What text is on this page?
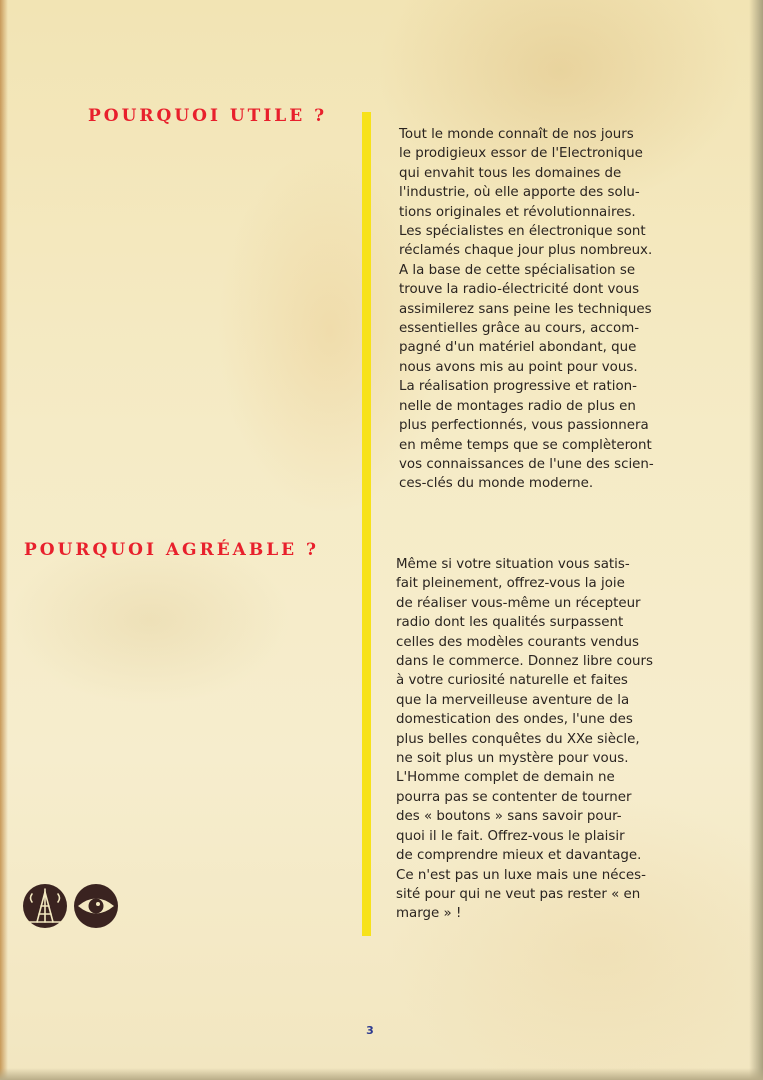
POURQUOI UTILE ?
POURQUOI AGRÉABLE ?

Tout le monde connaît de nos jours
le prodigieux essor de l'Electronique
qui envahit tous les domaines de
l'industrie, où elle apporte des solu-
tions originales et révolutionnaires.
Les spécialistes en électronique sont
réclamés chaque jour plus nombreux.
A la base de cette spécialisation se
trouve la radio-électricité dont vous
assimilerez sans peine les techniques
essentielles grâce au cours, accom-
pagné d'un matériel abondant, que
nous avons mis au point pour vous.
La réalisation progressive et ration-
nelle de montages radio de plus en
plus perfectionnés, vous passionnera
en même temps que se complèteront
vos connaissances de l'une des scien-
ces-clés du monde moderne.

Même si votre situation vous satis-
fait pleinement, offrez-vous la joie
de réaliser vous-même un récepteur
radio dont les qualités surpassent
celles des modèles courants vendus
dans le commerce. Donnez libre cours
à votre curiosité naturelle et faites
que la merveilleuse aventure de la
domestication des ondes, l'une des
plus belles conquêtes du XXe siècle,
ne soit plus un mystère pour vous.
L'Homme complet de demain ne
pourra pas se contenter de tourner
des « boutons » sans savoir pour-
quoi il le fait. Offrez-vous le plaisir
de comprendre mieux et davantage.
Ce n'est pas un luxe mais une néces-
sité pour qui ne veut pas rester « en
marge » !

3
